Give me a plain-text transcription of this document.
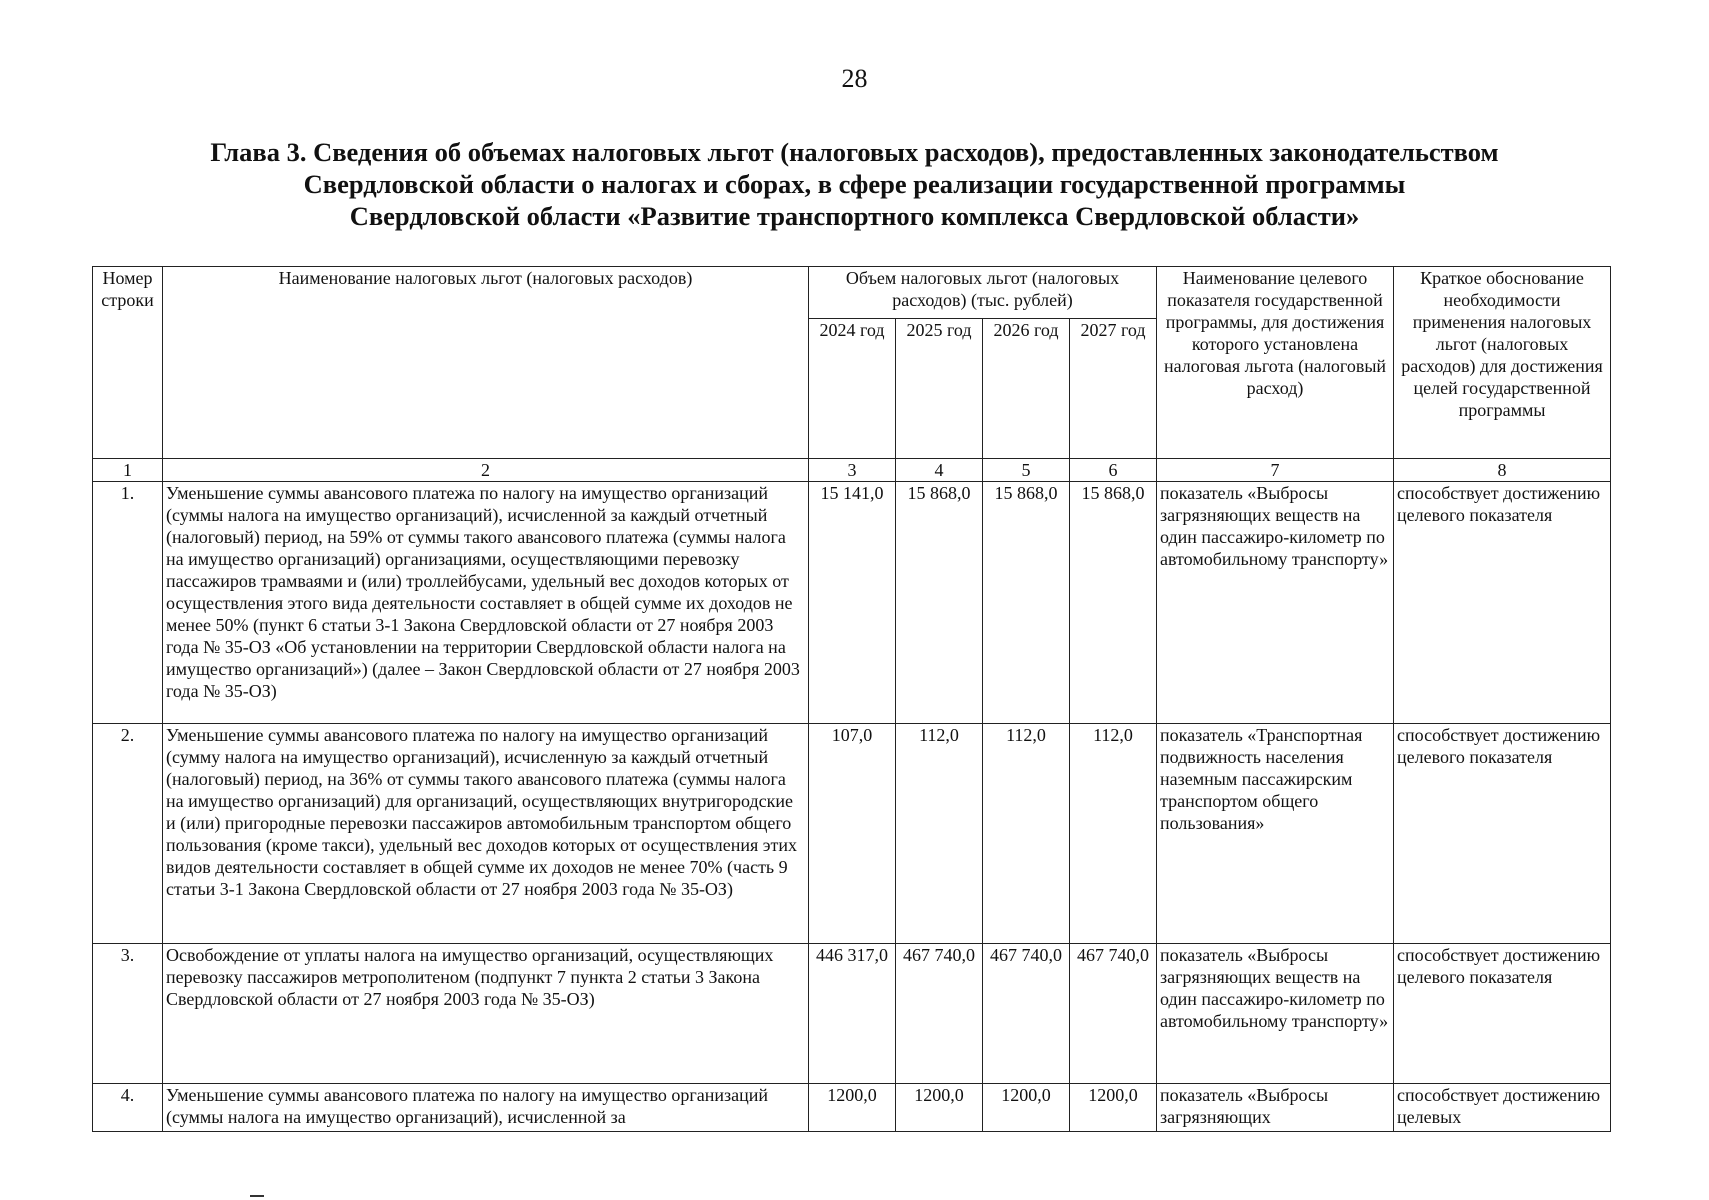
28
Глава 3. Сведения об объемах налоговых льгот (налоговых расходов), предоставленных законодательством
Свердловской области о налогах и сборах, в сфере реализации государственной программы
Свердловской области «Развитие транспортного комплекса Свердловской области»
Номер строки	Наименование налоговых льгот (налоговых расходов)	Объем налоговых льгот (налоговых расходов) (тыс. рублей)				Наименование целевого показателя государственной программы, для достижения которого установлена налоговая льгота (налоговый расход)	Краткое обоснование необходимости применения налоговых льгот (налоговых расходов) для достижения целей государственной программы
		2024 год	2025 год	2026 год	2027 год		
1	2	3	4	5	6	7	8
1.	Уменьшение суммы авансового платежа по налогу на имущество организаций (суммы налога на имущество организаций), исчисленной за каждый отчетный (налоговый) период, на 59% от суммы такого авансового платежа (суммы налога на имущество организаций) организациями, осуществляющими перевозку пассажиров трамваями и (или) троллейбусами, удельный вес доходов которых от осуществления этого вида деятельности составляет в общей сумме их доходов не менее 50% (пункт 6 статьи 3-1 Закона Свердловской области от 27 ноября 2003 года № 35-ОЗ «Об установлении на территории Свердловской области налога на имущество организаций») (далее – Закон Свердловской области от 27 ноября 2003 года № 35-ОЗ)	15 141,0	15 868,0	15 868,0	15 868,0	показатель «Выбросы загрязняющих веществ на один пассажиро-километр по автомобильному транспорту»	способствует достижению целевого показателя
2.	Уменьшение суммы авансового платежа по налогу на имущество организаций (сумму налога на имущество организаций), исчисленную за каждый отчетный (налоговый) период, на 36% от суммы такого авансового платежа (суммы налога на имущество организаций) для организаций, осуществляющих внутригородские и (или) пригородные перевозки пассажиров автомобильным транспортом общего пользования (кроме такси), удельный вес доходов которых от осуществления этих видов деятельности составляет в общей сумме их доходов не менее 70% (часть 9 статьи 3-1 Закона Свердловской области от 27 ноября 2003 года № 35-ОЗ)	107,0	112,0	112,0	112,0	показатель «Транспортная подвижность населения наземным пассажирским транспортом общего пользования»	способствует достижению целевого показателя
3.	Освобождение от уплаты налога на имущество организаций, осуществляющих перевозку пассажиров метрополитеном (подпункт 7 пункта 2 статьи 3 Закона Свердловской области от 27 ноября 2003 года № 35-ОЗ)	446 317,0	467 740,0	467 740,0	467 740,0	показатель «Выбросы загрязняющих веществ на один пассажиро-километр по автомобильному транспорту»	способствует достижению целевого показателя
4.	Уменьшение суммы авансового платежа по налогу на имущество организаций (суммы налога на имущество организаций), исчисленной за	1200,0	1200,0	1200,0	1200,0	показатель «Выбросы загрязняющих	способствует достижению целевых
